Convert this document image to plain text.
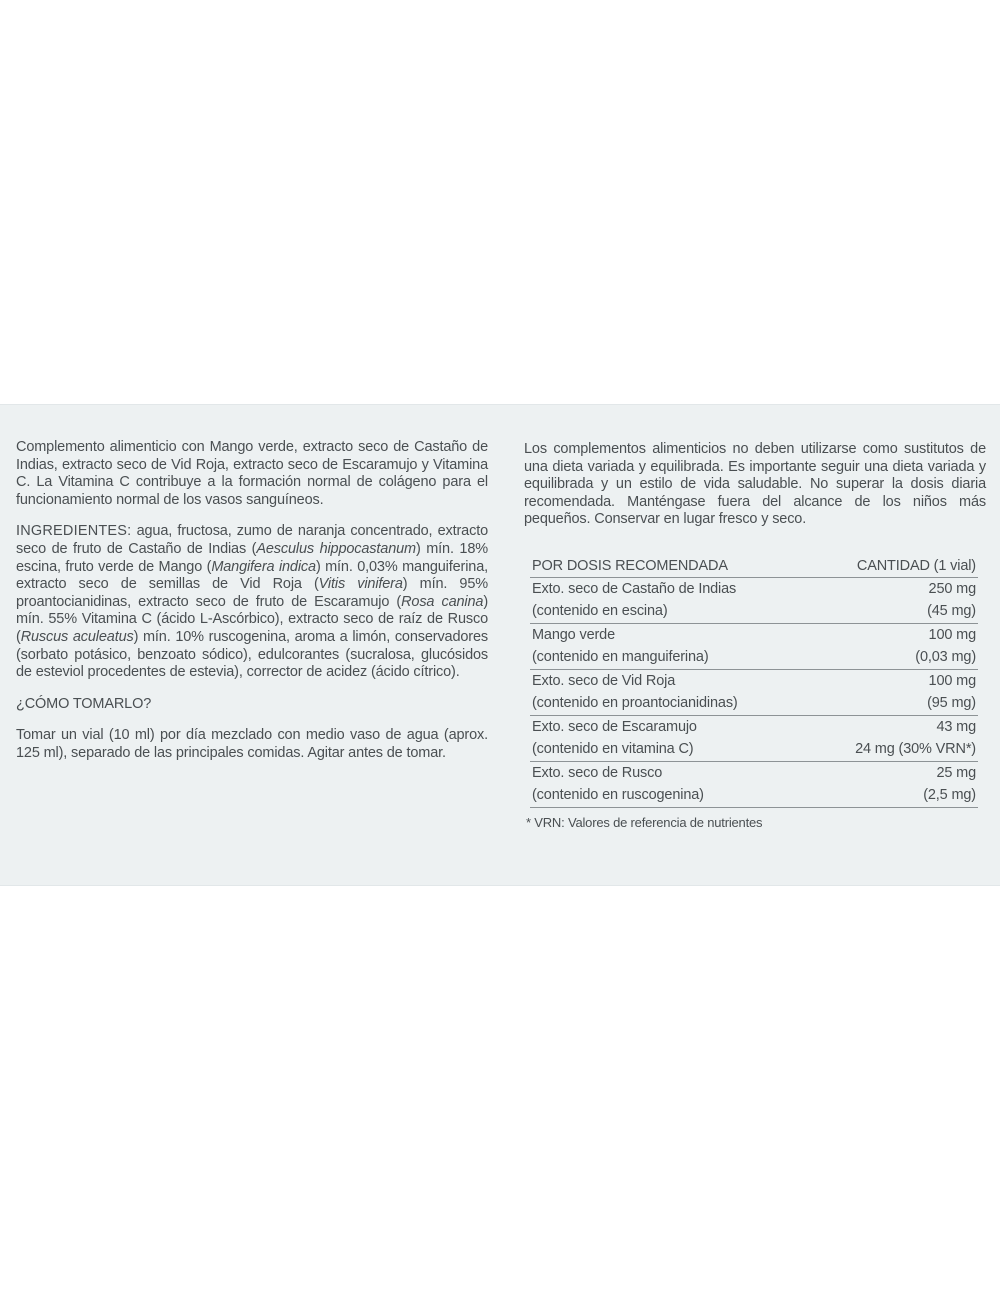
Complemento alimenticio con Mango verde, extracto seco de Castaño de Indias, extracto seco de Vid Roja, extracto seco de Escaramujo y Vitamina C. La Vitamina C contribuye a la formación normal de colágeno para el funcionamiento normal de los vasos sanguíneos.

INGREDIENTES: agua, fructosa, zumo de naranja concentrado, extracto seco de fruto de Castaño de Indias (Aesculus hippocastanum) mín. 18% escina, fruto verde de Mango (Mangifera indica) mín. 0,03% manguiferina, extracto seco de semillas de Vid Roja (Vitis vinifera) mín. 95% proantocianidinas, extracto seco de fruto de Escaramujo (Rosa canina) mín. 55% Vitamina C (ácido L-Ascórbico), extracto seco de raíz de Rusco (Ruscus aculeatus) mín. 10% ruscogenina, aroma a limón, conservadores (sorbato potásico, benzoato sódico), edulcorantes (sucralosa, glucósidos de esteviol procedentes de estevia), corrector de acidez (ácido cítrico).

¿CÓMO TOMARLO?

Tomar un vial (10 ml) por día mezclado con medio vaso de agua (aprox. 125 ml), separado de las principales comidas. Agitar antes de tomar.

Los complementos alimenticios no deben utilizarse como sustitutos de una dieta variada y equilibrada. Es importante seguir una dieta variada y equilibrada y un estilo de vida saludable. No superar la dosis diaria recomendada. Manténgase fuera del alcance de los niños más pequeños. Conservar en lugar fresco y seco.

POR DOSIS RECOMENDADA	CANTIDAD (1 vial)
Exto. seco de Castaño de Indias	250 mg
(contenido en escina)	(45 mg)
Mango verde	100 mg
(contenido en manguiferina)	(0,03 mg)
Exto. seco de Vid Roja	100 mg
(contenido en proantocianidinas)	(95 mg)
Exto. seco de Escaramujo	43 mg
(contenido en vitamina C)	24 mg (30% VRN*)
Exto. seco de Rusco	25 mg
(contenido en ruscogenina)	(2,5 mg)
* VRN: Valores de referencia de nutrientes
